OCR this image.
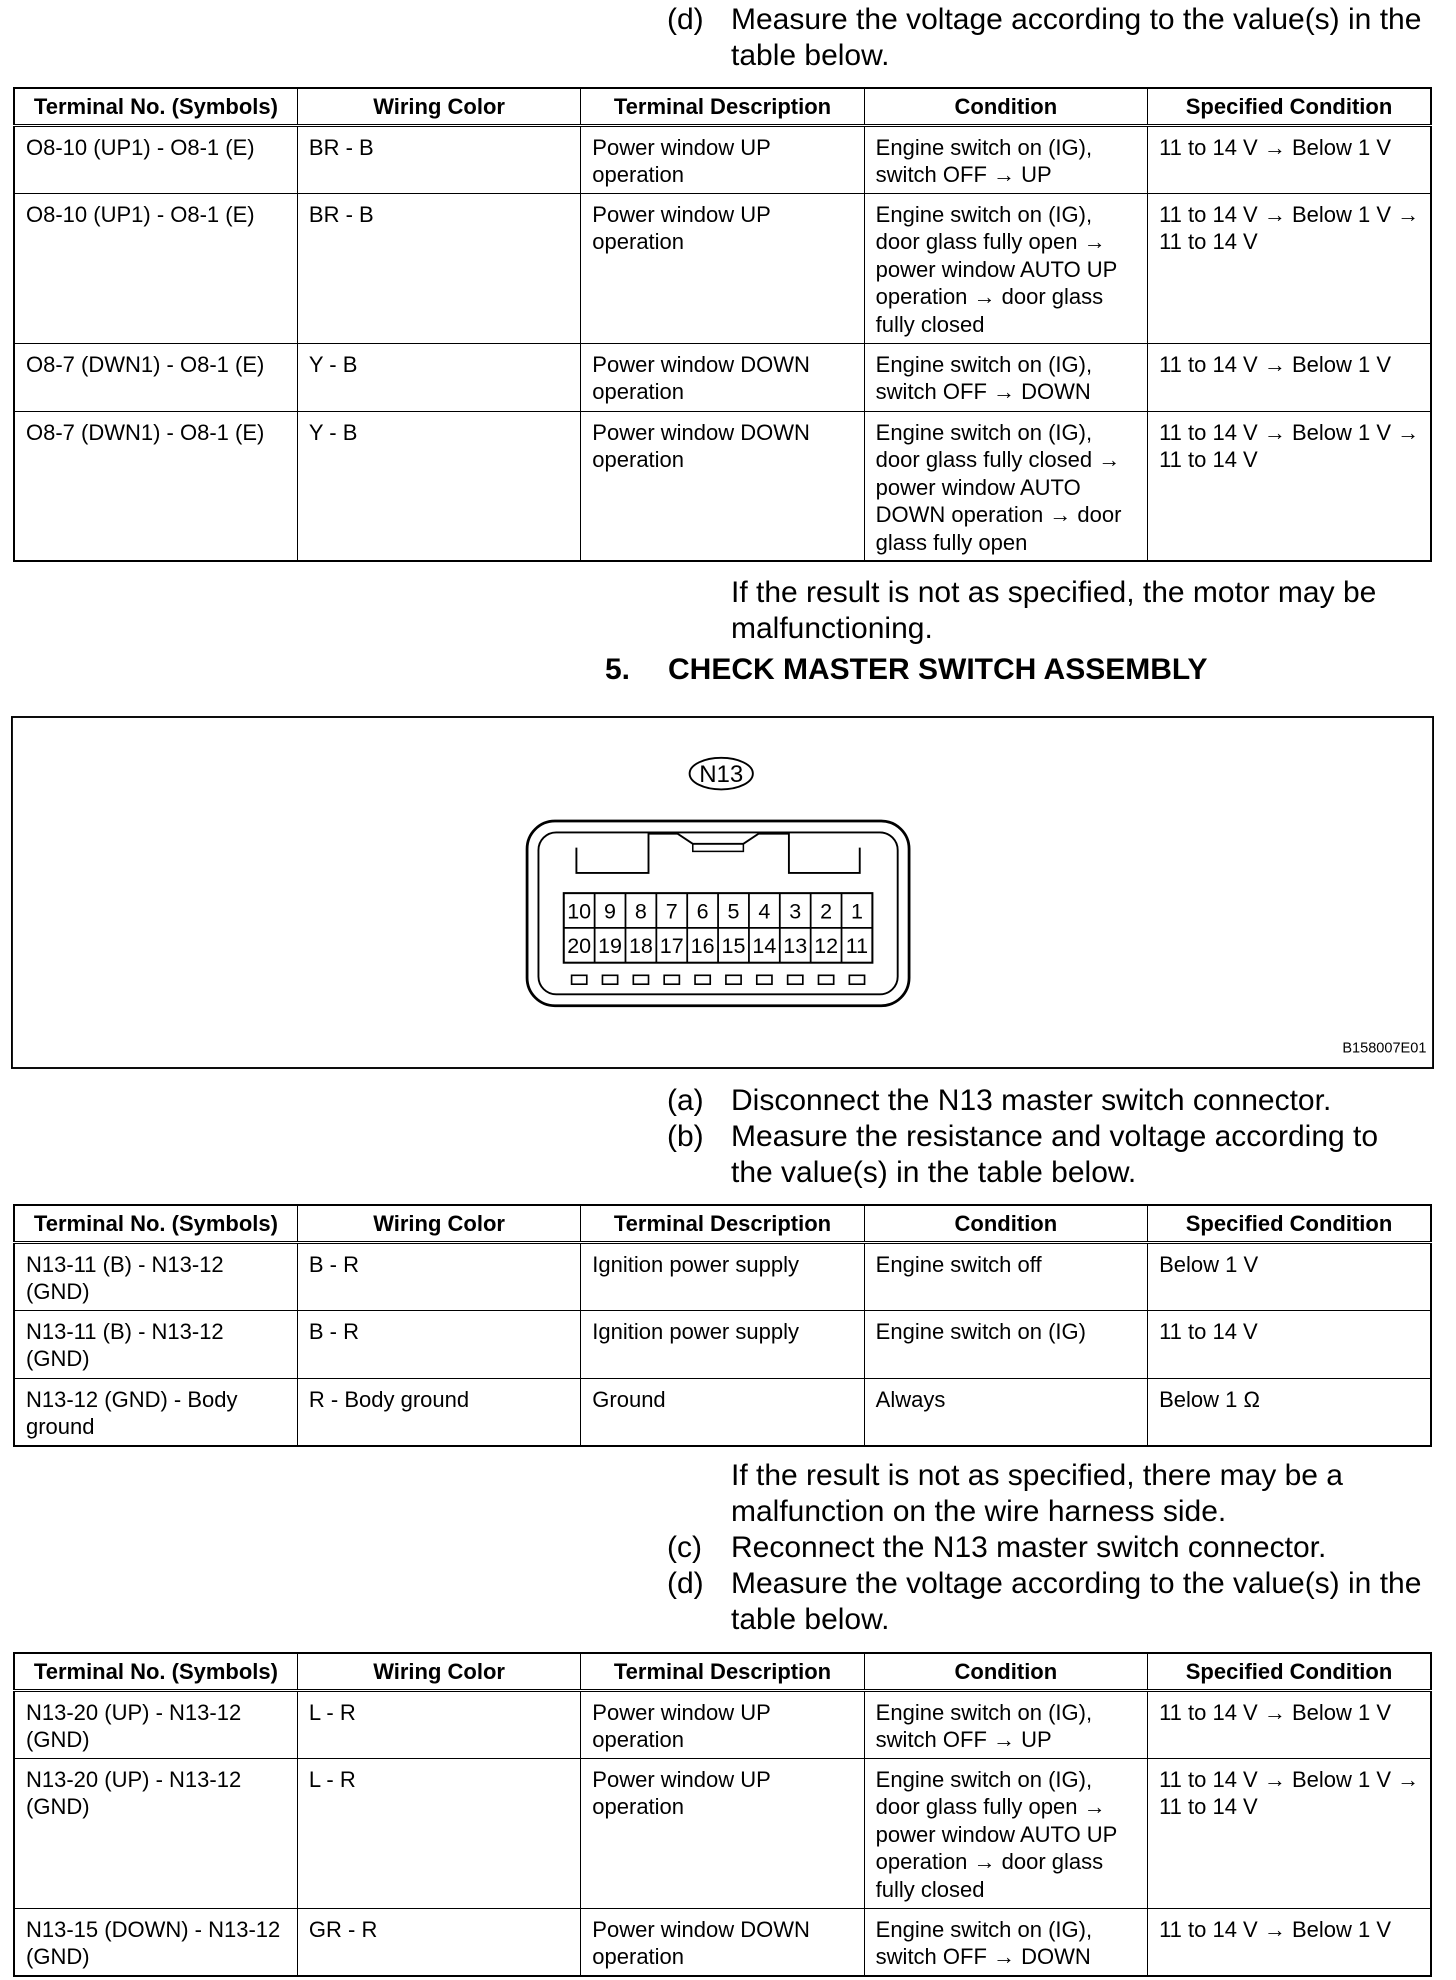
(d) Measure the voltage according to the value(s) in the
table below.
Terminal No. (Symbols)	Wiring Color	Terminal Description	Condition	Specified Condition
O8-10 (UP1) - O8-1 (E)	BR - B	Power window UP
operation	Engine switch on (IG),
switch OFF → UP	11 to 14 V → Below 1 V
O8-10 (UP1) - O8-1 (E)	BR - B	Power window UP
operation	Engine switch on (IG),
door glass fully open →
power window AUTO UP
operation → door glass
fully closed	11 to 14 V → Below 1 V →
11 to 14 V
O8-7 (DWN1) - O8-1 (E)	Y - B	Power window DOWN
operation	Engine switch on (IG),
switch OFF → DOWN	11 to 14 V → Below 1 V
O8-7 (DWN1) - O8-1 (E)	Y - B	Power window DOWN
operation	Engine switch on (IG),
door glass fully closed →
power window AUTO
DOWN operation → door
glass fully open	11 to 14 V → Below 1 V →
11 to 14 V
If the result is not as specified, the motor may be
malfunctioning.
5. CHECK MASTER SWITCH ASSEMBLY
N13
10 9 8 7 6 5 4 3 2 1
20 19 18 17 16 15 14 13 12 11
B158007E01
(a) Disconnect the N13 master switch connector.
(b) Measure the resistance and voltage according to
the value(s) in the table below.
Terminal No. (Symbols)	Wiring Color	Terminal Description	Condition	Specified Condition
N13-11 (B) - N13-12
(GND)	B - R	Ignition power supply	Engine switch off	Below 1 V
N13-11 (B) - N13-12
(GND)	B - R	Ignition power supply	Engine switch on (IG)	11 to 14 V
N13-12 (GND) - Body
ground	R - Body ground	Ground	Always	Below 1 Ω
If the result is not as specified, there may be a
malfunction on the wire harness side.
(c) Reconnect the N13 master switch connector.
(d) Measure the voltage according to the value(s) in the
table below.
Terminal No. (Symbols)	Wiring Color	Terminal Description	Condition	Specified Condition
N13-20 (UP) - N13-12
(GND)	L - R	Power window UP
operation	Engine switch on (IG),
switch OFF → UP	11 to 14 V → Below 1 V
N13-20 (UP) - N13-12
(GND)	L - R	Power window UP
operation	Engine switch on (IG),
door glass fully open →
power window AUTO UP
operation → door glass
fully closed	11 to 14 V → Below 1 V →
11 to 14 V
N13-15 (DOWN) - N13-12
(GND)	GR - R	Power window DOWN
operation	Engine switch on (IG),
switch OFF → DOWN	11 to 14 V → Below 1 V
